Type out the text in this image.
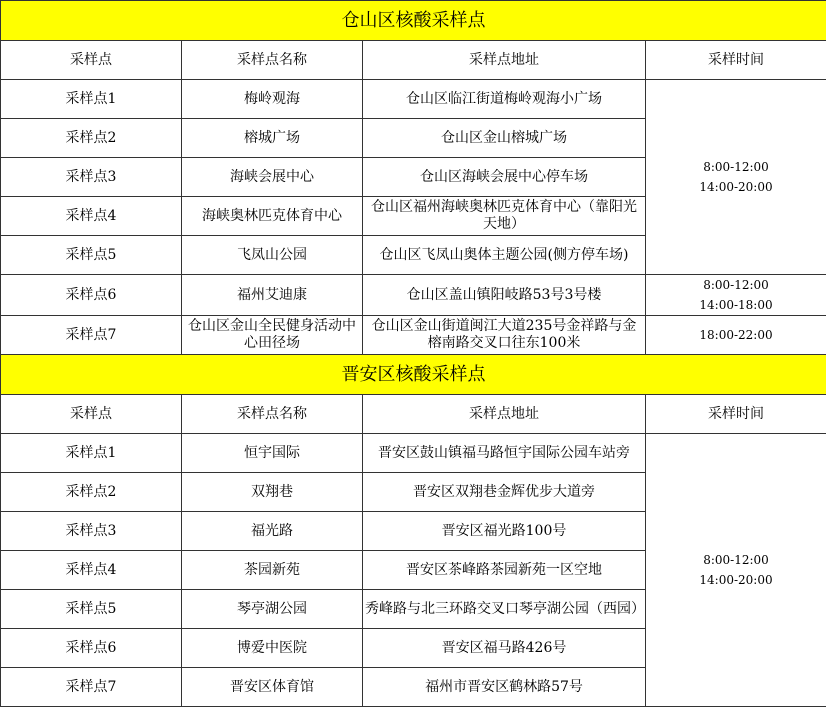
仓山区核酸采样点			
采样点	采样点名称	采样点地址	采样时间
采样点1	梅岭观海	仓山区临江街道梅岭观海小广场	8:00-12:00
14:00-20:00

采样点2	榕城广场	仓山区金山榕城广场	
采样点3	海峡会展中心	仓山区海峡会展中心停车场	
采样点4	海峡奥林匹克体育中心	仓山区福州海峡奥林匹克体育中心（靠阳光天地）	
采样点5	飞凤山公园	仓山区飞凤山奥体主题公园(侧方停车场)	
采样点6	福州艾迪康	仓山区盖山镇阳岐路53号3号楼	8:00-12:00
14:00-18:00

采样点7	仓山区金山全民健身活动中心田径场	仓山区金山街道闽江大道235号金祥路与金榕南路交叉口往东100米	18:00-22:00
晋安区核酸采样点			
采样点	采样点名称	采样点地址	采样时间
采样点1	恒宇国际	晋安区鼓山镇福马路恒宇国际公园车站旁	8:00-12:00
14:00-20:00

采样点2	双翔巷	晋安区双翔巷金辉优步大道旁	
采样点3	福光路	晋安区福光路100号	
采样点4	茶园新苑	晋安区茶峰路茶园新苑一区空地	
采样点5	琴亭湖公园	秀峰路与北三环路交叉口琴亭湖公园（西园）	
采样点6	博爱中医院	晋安区福马路426号	
采样点7	晋安区体育馆	福州市晋安区鹤林路57号	
